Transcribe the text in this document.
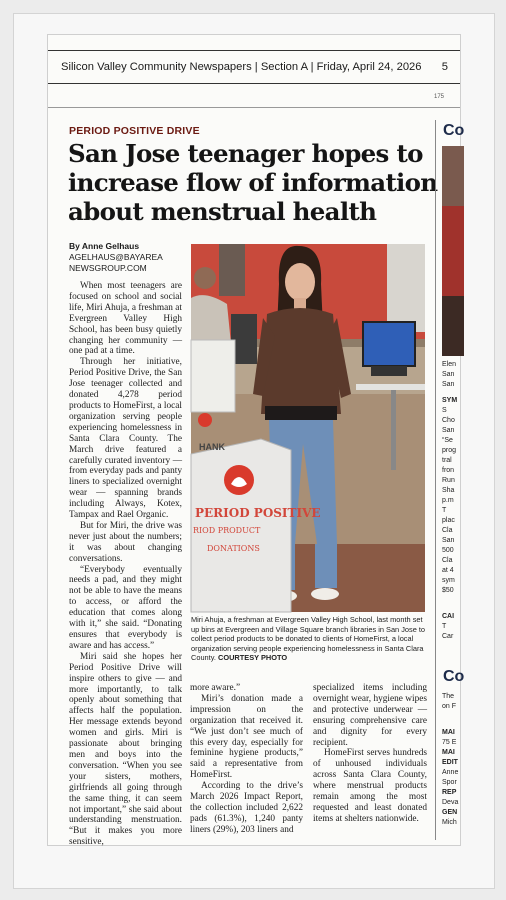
Silicon Valley Community Newspapers | Section A | Friday, April 24, 2026 5
175
PERIOD POSITIVE DRIVE
San Jose teenager hopes to increase flow of information about menstrual health
By Anne Gelhaus
AGELHAUS@BAYAREA
NEWSGROUP.COM

When most teenagers are focused on school and social life, Miri Ahuja, a freshman at Evergreen Valley High School, has been busy quietly changing her community — one pad at a time.

Through her initiative, Period Positive Drive, the San Jose teenager collected and donated 4,278 period products to HomeFirst, a local organization serving people experiencing homelessness in Santa Clara County. The March drive featured a carefully curated inventory — from everyday pads and panty liners to specialized overnight wear — spanning brands including Always, Kotex, Tampax and Rael Organic.

But for Miri, the drive was never just about the numbers; it was about changing conversations.

“Everybody eventually needs a pad, and they might not be able to have the means to access, or afford the education that comes along with it,” she said. “Donating ensures that everybody is aware and has access.”

Miri said she hopes her Period Positive Drive will inspire others to give — and more importantly, to talk openly about something that affects half the population. Her message extends beyond women and girls. Miri is passionate about bringing men and boys into the conversation. “When you see your sisters, mothers, girlfriends all going through the same thing, it can seem not important,” she said about understanding menstruation. “But it makes you more sensitive,

HANK
PERIOD POSITIVE
RIOD PRODUCT
DONATIONS
Miri Ahuja, a freshman at Evergreen Valley High School, last month set up bins at Evergreen and Village Square branch libraries in San Jose to collect period products to be donated to clients of HomeFirst, a local organization serving people experiencing homelessness in Santa Clara County. COURTESY PHOTO

more aware.”

Miri’s donation made a impression on the organization that received it. “We just don’t see much of this every day, especially for feminine hygiene products,” said a representative from HomeFirst.

According to the drive’s March 2026 Impact Report, the collection included 2,622 pads (61.3%), 1,240 panty liners (29%), 203 liners and

specialized items including overnight wear, hygiene wipes and protective underwear — ensuring comprehensive care and dignity for every recipient.

HomeFirst serves hundreds of unhoused individuals across Santa Clara County, where menstrual products remain among the most requested and least donated items at shelters nationwide.

Co
Elen
San
San
SYM
S
Cho
San
“Se
prog
tral
fron
Run
Sha
p.m
T
plac
Cla
San
500
Cla
at 4
sym
$50
CAI
T
Car
Co
The
on F
MAI
75 E
MAI
EDIT
Anne
Spor
REP
Deva
GEN
Mich
